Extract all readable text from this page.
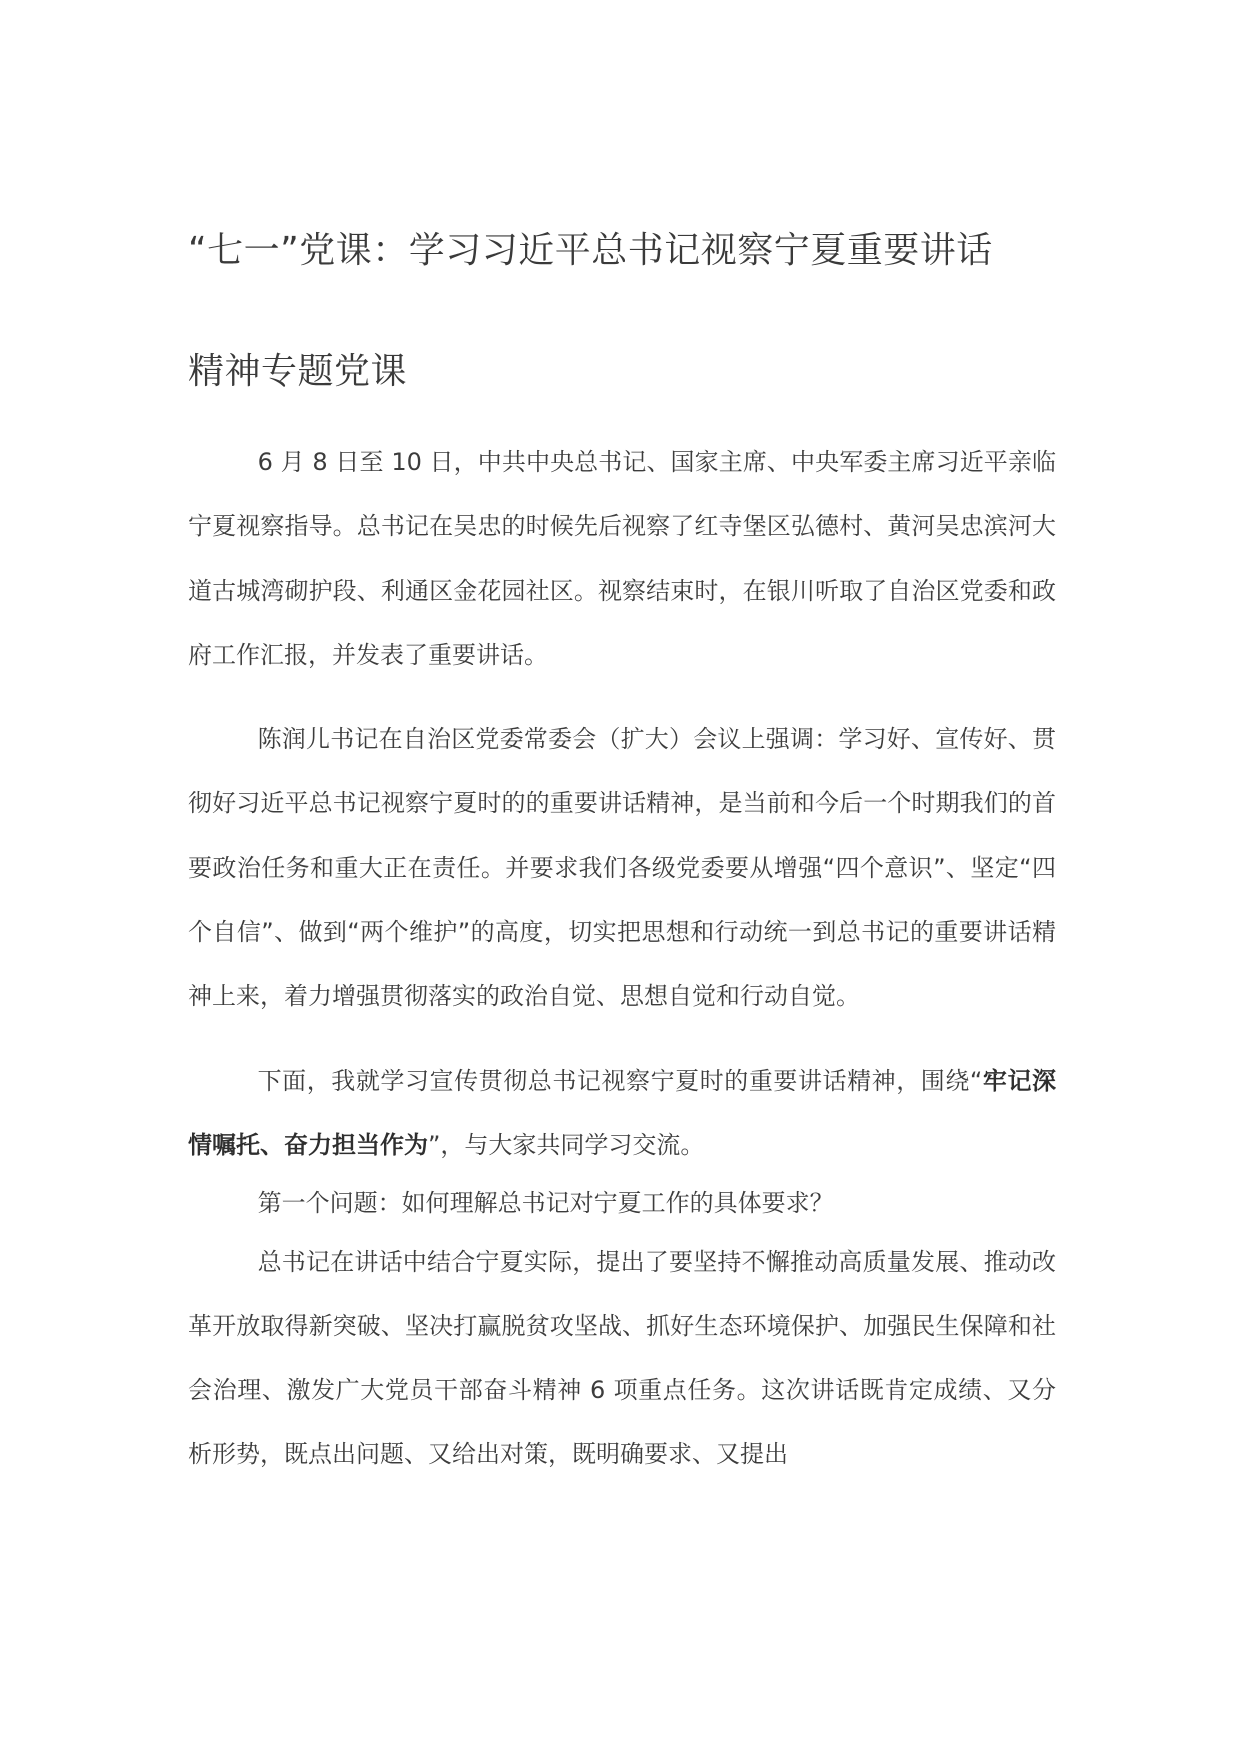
“七一”党课：学习习近平总书记视察宁夏重要讲话
精神专题党课

6 月 8 日至 10 日，中共中央总书记、国家主席、中央军委主席习近平亲临宁夏视察指导。总书记在吴忠的时候先后视察了红寺堡区弘德村、黄河吴忠滨河大道古城湾砌护段、利通区金花园社区。视察结束时，在银川听取了自治区党委和政府工作汇报，并发表了重要讲话。

陈润儿书记在自治区党委常委会（扩大）会议上强调：学习好、宣传好、贯彻好习近平总书记视察宁夏时的的重要讲话精神，是当前和今后一个时期我们的首要政治任务和重大正在责任。并要求我们各级党委要从增强“四个意识”、坚定“四个自信”、做到“两个维护”的高度，切实把思想和行动统一到总书记的重要讲话精神上来，着力增强贯彻落实的政治自觉、思想自觉和行动自觉。

下面，我就学习宣传贯彻总书记视察宁夏时的重要讲话精神，围绕“牢记深情嘱托、奋力担当作为”，与大家共同学习交流。

第一个问题：如何理解总书记对宁夏工作的具体要求？

总书记在讲话中结合宁夏实际，提出了要坚持不懈推动高质量发展、推动改革开放取得新突破、坚决打赢脱贫攻坚战、抓好生态环境保护、加强民生保障和社会治理、激发广大党员干部奋斗精神 6 项重点任务。这次讲话既肯定成绩、又分析形势，既点出问题、又给出对策，既明确要求、又提出
